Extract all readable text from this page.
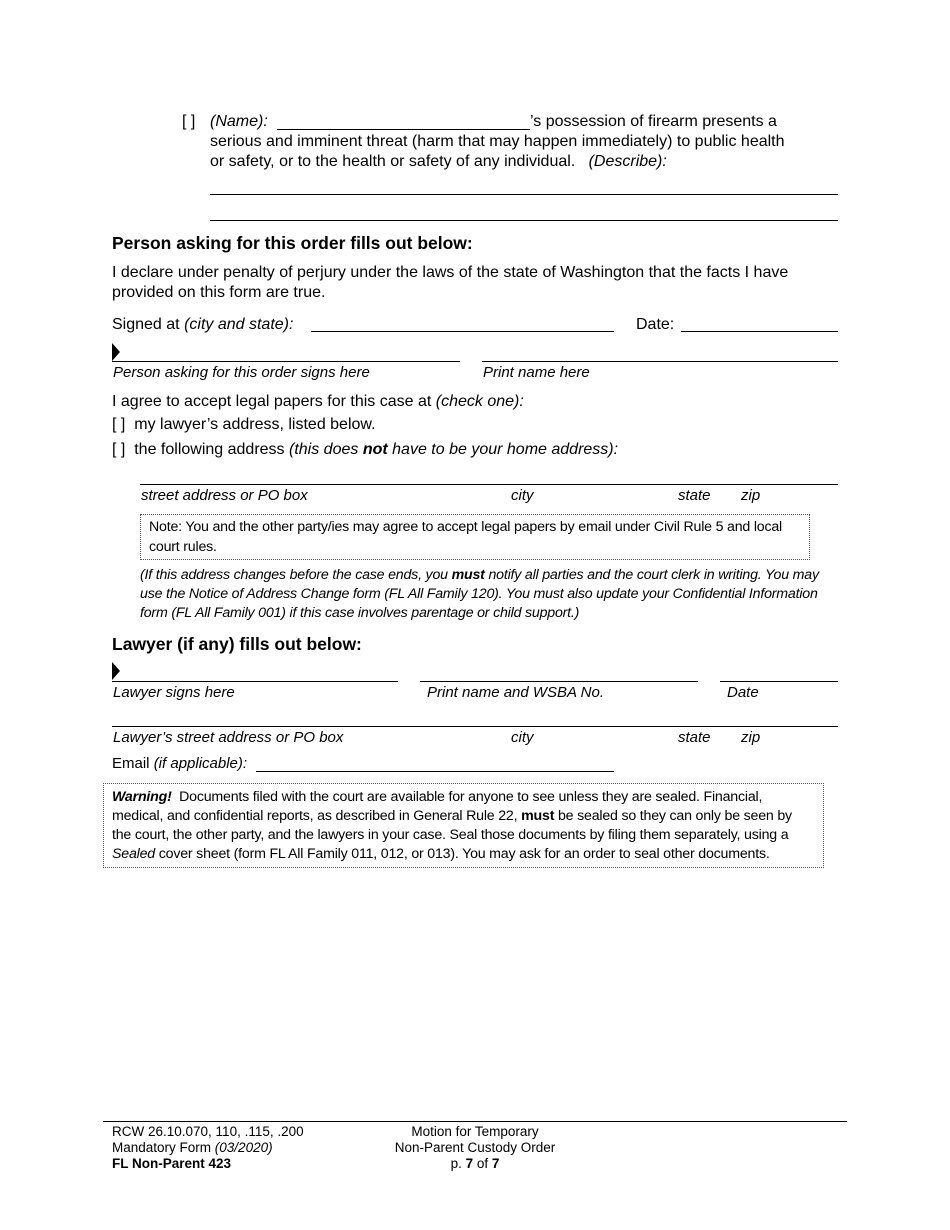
[ ] (Name):	’s possession of firearm presents a
serious and imminent threat (harm that may happen immediately) to public health
or safety, or to the health or safety of any individual. (Describe):
Person asking for this order fills out below:
I declare under penalty of perjury under the laws of the state of Washington that the facts I have
provided on this form are true.
Signed at (city and state):	Date:
Person asking for this order signs here	Print name here
I agree to accept legal papers for this case at (check one):
[ ] my lawyer’s address, listed below.
[ ] the following address (this does not have to be your home address):
street address or PO box	city	state zip
Note: You and the other party/ies may agree to accept legal papers by email under Civil Rule 5 and local
court rules.
(If this address changes before the case ends, you must notify all parties and the court clerk in writing. You may
use the Notice of Address Change form (FL All Family 120). You must also update your Confidential Information
form (FL All Family 001) if this case involves parentage or child support.)
Lawyer (if any) fills out below:
Lawyer signs here	Print name and WSBA No.	Date
Lawyer’s street address or PO box	city	state zip
Email (if applicable):
Warning! Documents filed with the court are available for anyone to see unless they are sealed. Financial,
medical, and confidential reports, as described in General Rule 22, must be sealed so they can only be seen by
the court, the other party, and the lawyers in your case. Seal those documents by filing them separately, using a
Sealed cover sheet (form FL All Family 011, 012, or 013). You may ask for an order to seal other documents.
RCW 26.10.070, 110, .115, .200
Mandatory Form (03/2020)
FL Non-Parent 423
Motion for Temporary
Non-Parent Custody Order
p. 7 of 7
